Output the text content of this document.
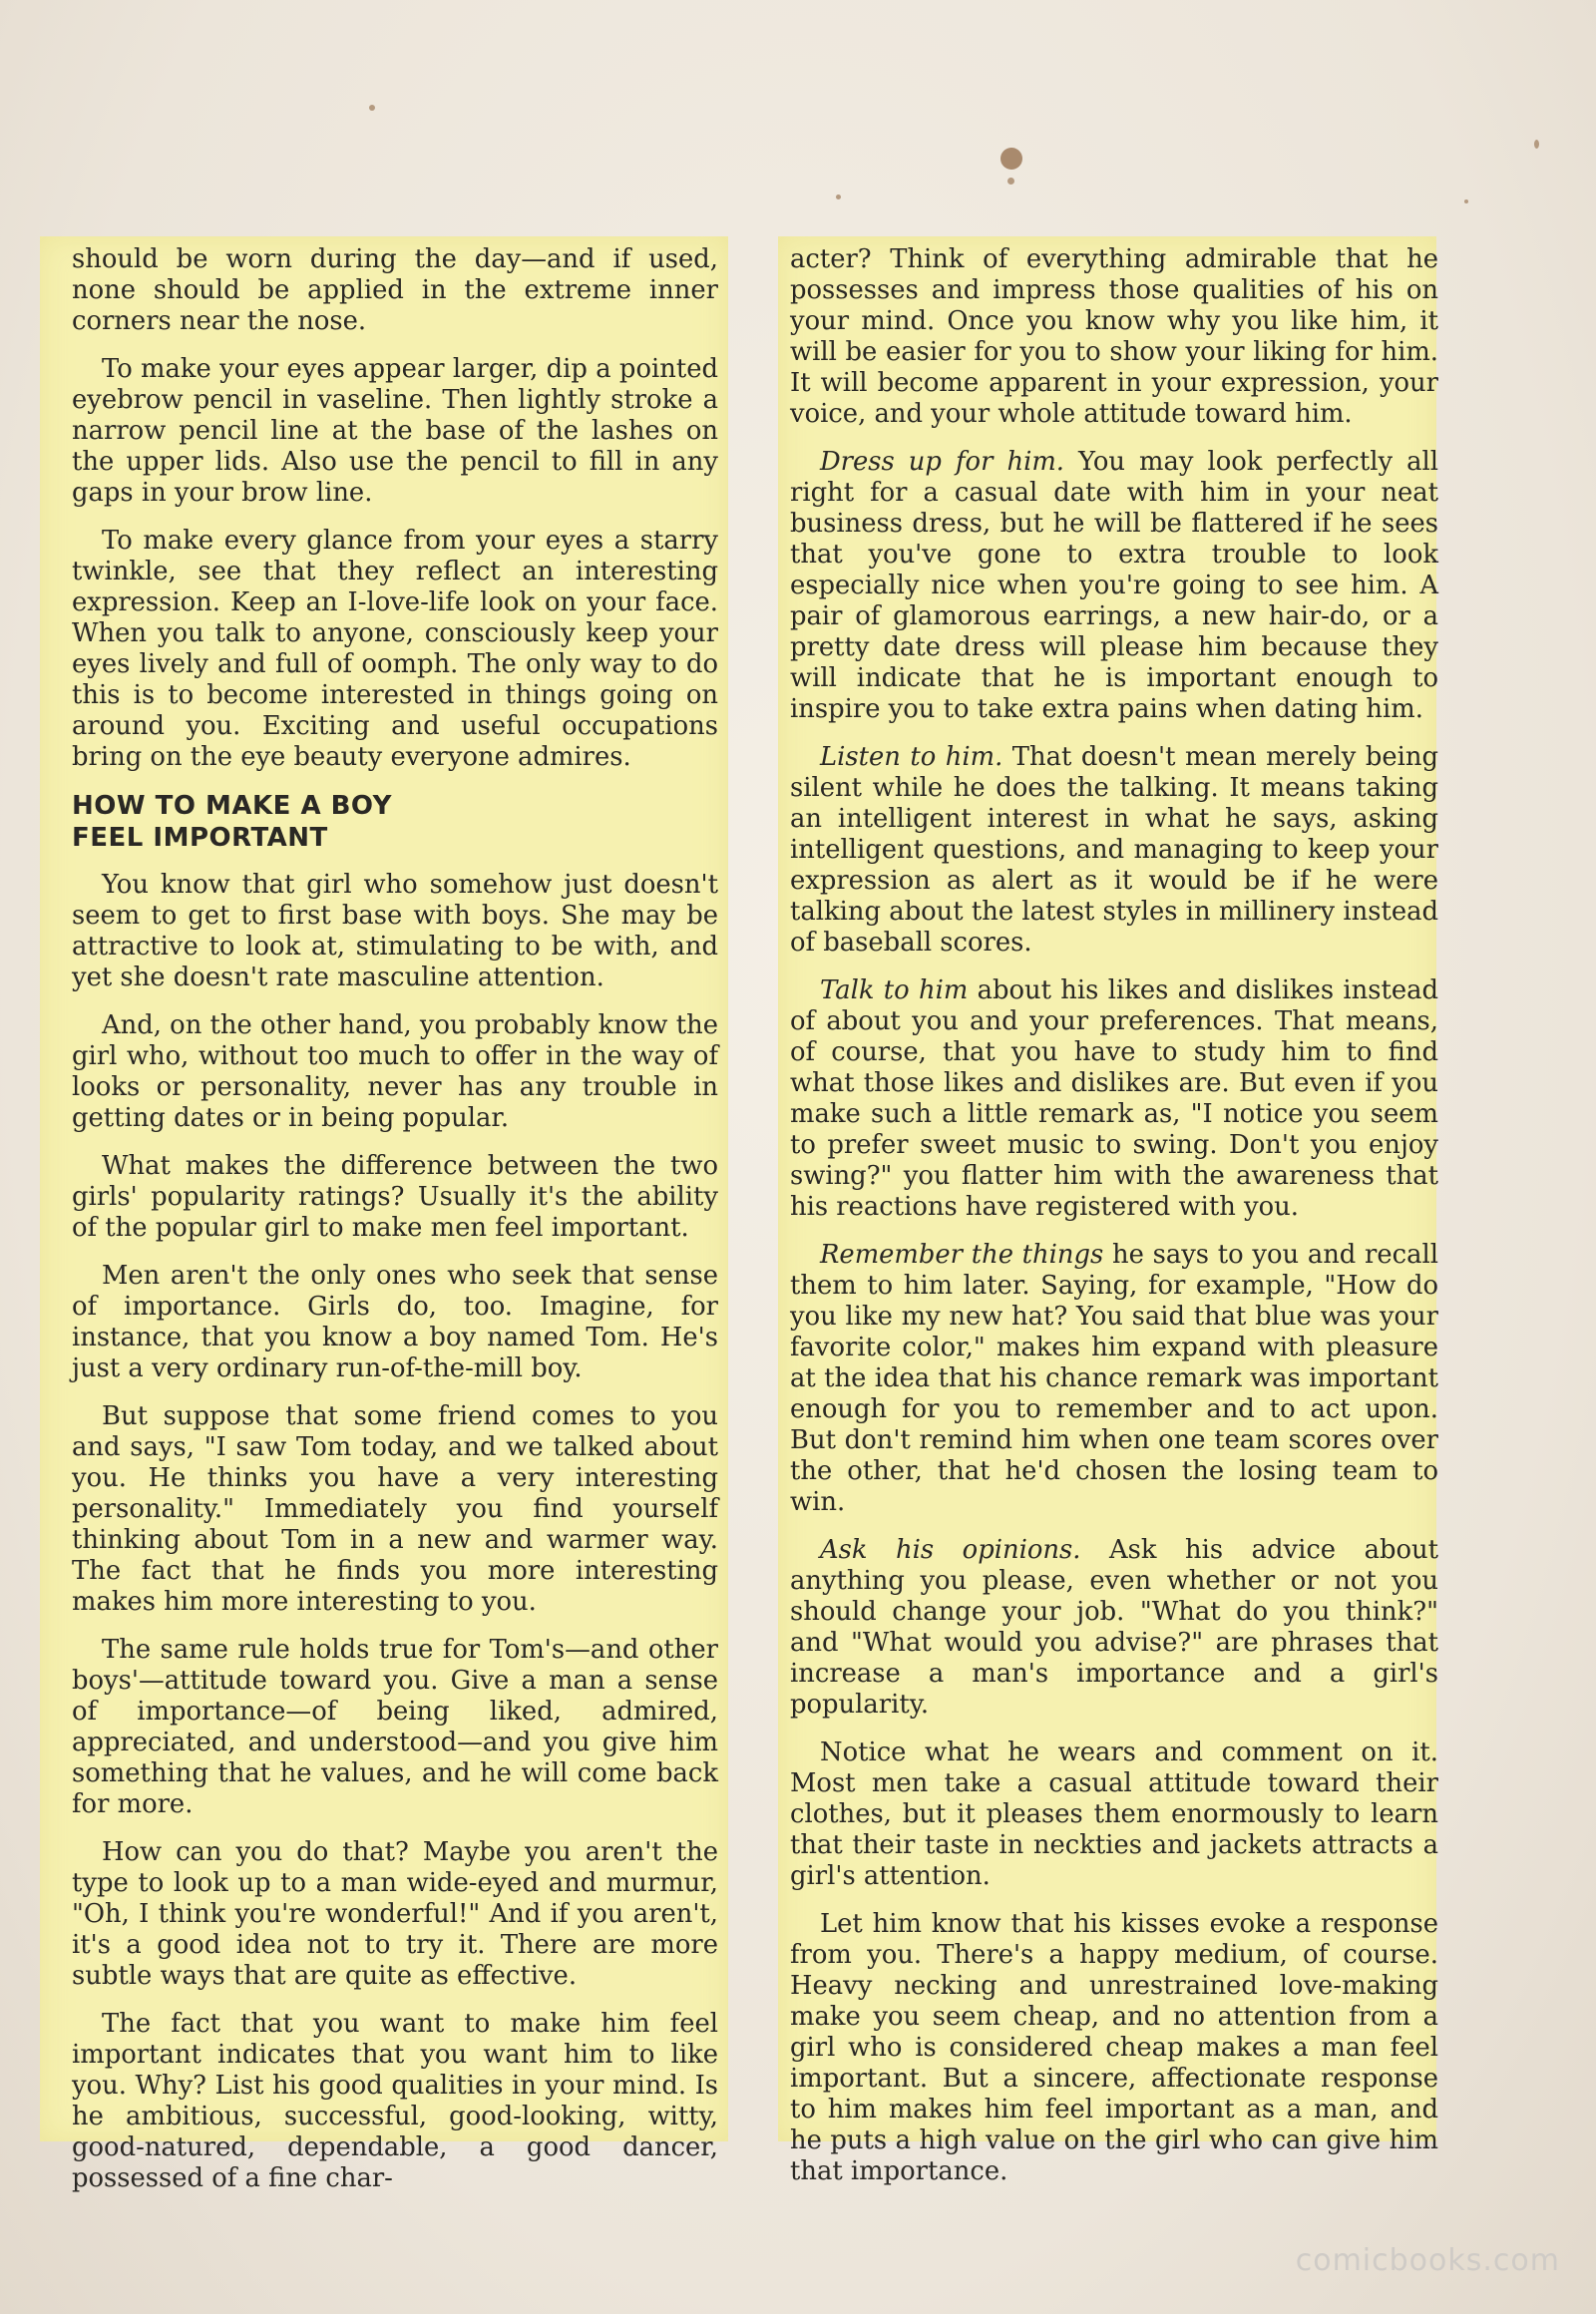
should be worn during the day—and if used, none should be applied in the extreme inner corners near the nose.

To make your eyes appear larger, dip a pointed eyebrow pencil in vaseline. Then lightly stroke a narrow pencil line at the base of the lashes on the upper lids. Also use the pencil to fill in any gaps in your brow line.

To make every glance from your eyes a starry twinkle, see that they reflect an interesting expression. Keep an I-love-life look on your face. When you talk to anyone, consciously keep your eyes lively and full of oomph. The only way to do this is to become interested in things going on around you. Exciting and useful occupations bring on the eye beauty everyone admires.

HOW TO MAKE A BOY
FEEL IMPORTANT

You know that girl who somehow just doesn't seem to get to first base with boys. She may be attractive to look at, stimulating to be with, and yet she doesn't rate masculine attention.

And, on the other hand, you probably know the girl who, without too much to offer in the way of looks or personality, never has any trouble in getting dates or in being popular.

What makes the difference between the two girls' popularity ratings? Usually it's the ability of the popular girl to make men feel important.

Men aren't the only ones who seek that sense of importance. Girls do, too. Imagine, for instance, that you know a boy named Tom. He's just a very ordinary run-of-the-mill boy.

But suppose that some friend comes to you and says, "I saw Tom today, and we talked about you. He thinks you have a very interesting personality." Immediately you find yourself thinking about Tom in a new and warmer way. The fact that he finds you more interesting makes him more interesting to you.

The same rule holds true for Tom's—and other boys'—attitude toward you. Give a man a sense of importance—of being liked, admired, appreciated, and understood—and you give him something that he values, and he will come back for more.

How can you do that? Maybe you aren't the type to look up to a man wide-eyed and murmur, "Oh, I think you're wonderful!" And if you aren't, it's a good idea not to try it. There are more subtle ways that are quite as effective.

The fact that you want to make him feel important indicates that you want him to like you. Why? List his good qualities in your mind. Is he ambitious, successful, good-looking, witty, good-natured, dependable, a good dancer, possessed of a fine char-

acter? Think of everything admirable that he possesses and impress those qualities of his on your mind. Once you know why you like him, it will be easier for you to show your liking for him. It will become apparent in your expression, your voice, and your whole attitude toward him.

Dress up for him. You may look perfectly all right for a casual date with him in your neat business dress, but he will be flattered if he sees that you've gone to extra trouble to look especially nice when you're going to see him. A pair of glamorous earrings, a new hair-do, or a pretty date dress will please him because they will indicate that he is important enough to inspire you to take extra pains when dating him.

Listen to him. That doesn't mean merely being silent while he does the talking. It means taking an intelligent interest in what he says, asking intelligent questions, and managing to keep your expression as alert as it would be if he were talking about the latest styles in millinery instead of baseball scores.

Talk to him about his likes and dislikes instead of about you and your preferences. That means, of course, that you have to study him to find what those likes and dislikes are. But even if you make such a little remark as, "I notice you seem to prefer sweet music to swing. Don't you enjoy swing?" you flatter him with the awareness that his reactions have registered with you.

Remember the things he says to you and recall them to him later. Saying, for example, "How do you like my new hat? You said that blue was your favorite color," makes him expand with pleasure at the idea that his chance remark was important enough for you to remember and to act upon. But don't remind him when one team scores over the other, that he'd chosen the losing team to win.

Ask his opinions. Ask his advice about anything you please, even whether or not you should change your job. "What do you think?" and "What would you advise?" are phrases that increase a man's importance and a girl's popularity.

Notice what he wears and comment on it. Most men take a casual attitude toward their clothes, but it pleases them enormously to learn that their taste in neckties and jackets attracts a girl's attention.

Let him know that his kisses evoke a response from you. There's a happy medium, of course. Heavy necking and unrestrained love-making make you seem cheap, and no attention from a girl who is considered cheap makes a man feel important. But a sincere, affectionate response to him makes him feel important as a man, and he puts a high value on the girl who can give him that importance.

comicbooks.com
